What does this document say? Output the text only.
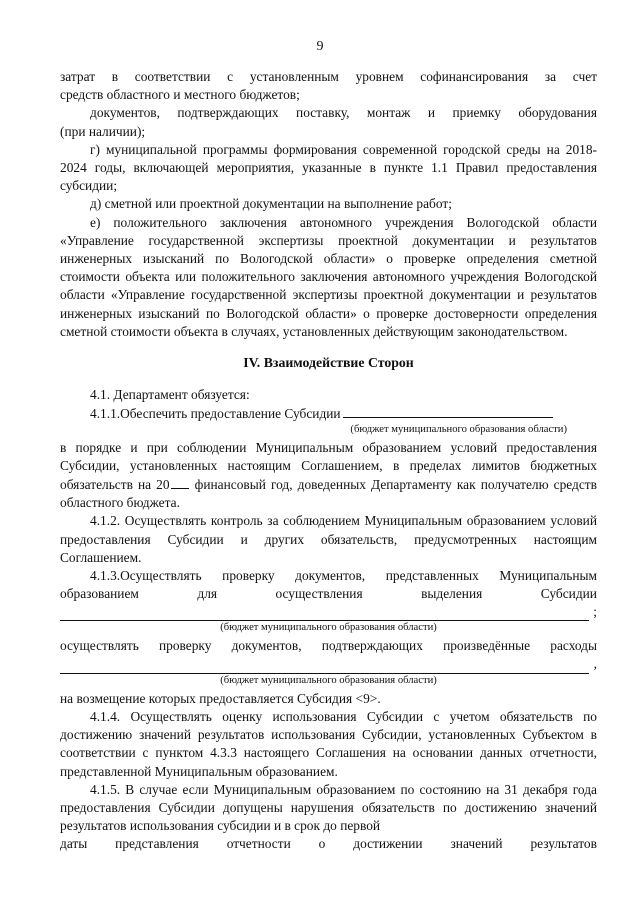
9

затрат в соответствии с установленным уровнем софинансирования за счет

средств областного и местного бюджетов;

документов, подтверждающих поставку, монтаж и приемку оборудования

(при наличии);

г) муниципальной программы формирования современной городской среды на 2018-2024 годы, включающей мероприятия, указанные в пункте 1.1 Правил предоставления субсидии;

д) сметной или проектной документации на выполнение работ;

е) положительного заключения автономного учреждения Вологодской области «Управление государственной экспертизы проектной документации и результатов инженерных изысканий по Вологодской области» о проверке определения сметной стоимости объекта или положительного заключения автономного учреждения Вологодской области «Управление государственной экспертизы проектной документации и результатов инженерных изысканий по Вологодской области» о проверке достоверности определения сметной стоимости объекта в случаях, установленных действующим законодательством.

IV. Взаимодействие Сторон

4.1. Департамент обязуется:

4.1.1.Обеспечить предоставление Субсидии

(бюджет муниципального образования области)

в порядке и при соблюдении Муниципальным образованием условий предоставления Субсидии, установленных настоящим Соглашением, в пределах лимитов бюджетных обязательств на 20 финансовый год, доведенных Департаменту как получателю средств областного бюджета.

4.1.2. Осуществлять контроль за соблюдением Муниципальным образованием условий предоставления Субсидии и других обязательств, предусмотренных настоящим Соглашением.

4.1.3.Осуществлять проверку документов, представленных Муниципальным

образованием	для	осуществления	выделения	Субсидии
;
(бюджет муниципального образования области)

осуществлять проверку документов, подтверждающих произведённые расходы

,
(бюджет муниципального образования области)

на возмещение которых предоставляется Субсидия <9>.

4.1.4. Осуществлять оценку использования Субсидии с учетом обязательств по достижению значений результатов использования Субсидии, установленных Субъектом в соответствии с пунктом 4.3.3 настоящего Соглашения на основании данных отчетности, представленной Муниципальным образованием.

4.1.5. В случае если Муниципальным образованием по состоянию на 31 декабря года предоставления Субсидии допущены нарушения обязательств по достижению значений результатов использования субсидии и в срок до первой

даты представления отчетности о достижении значений результатов
